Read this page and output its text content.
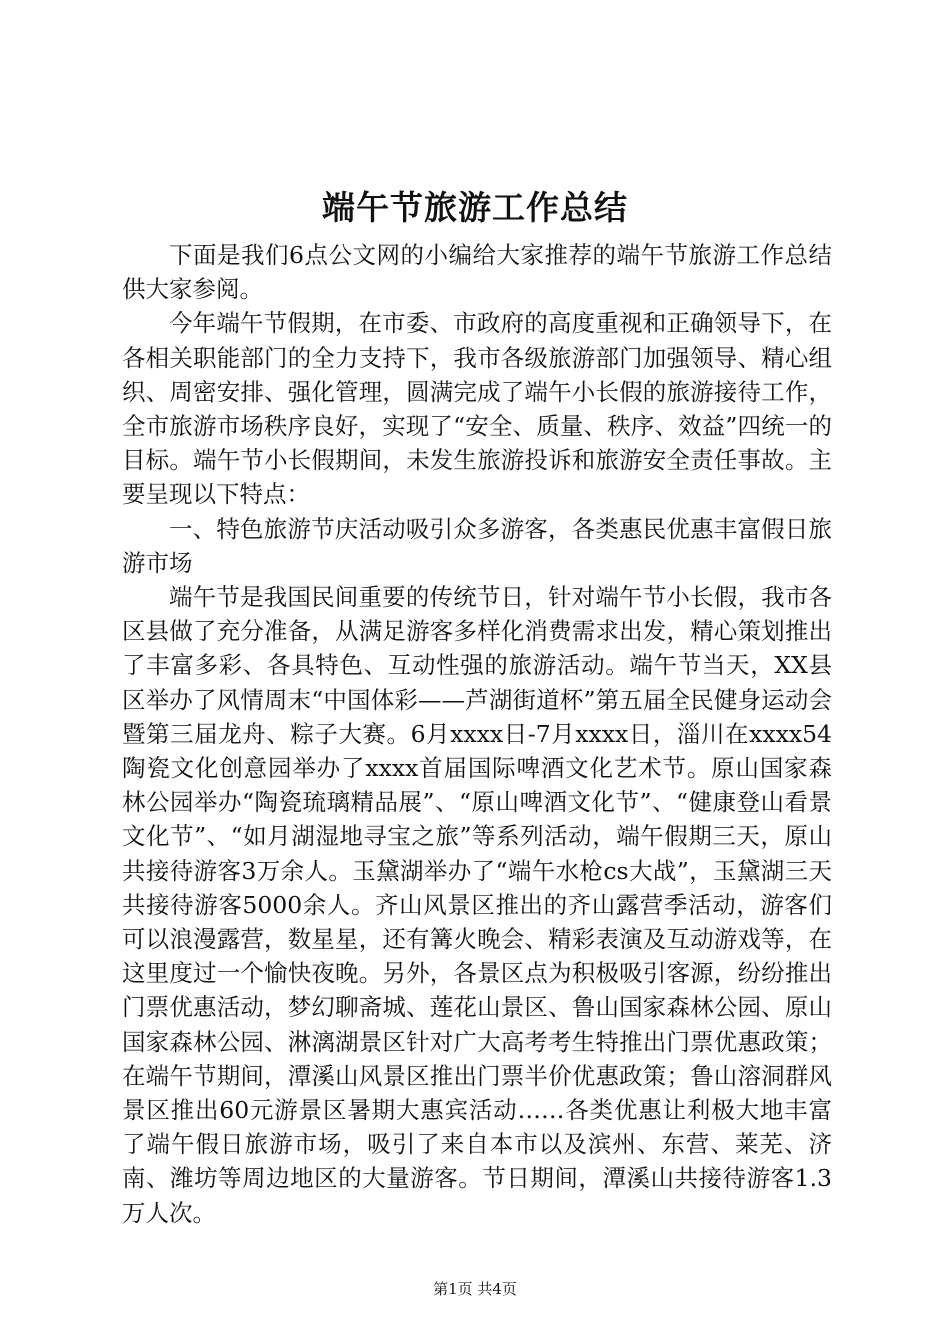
端午节旅游工作总结

下面是我们6点公文网的小编给大家推荐的端午节旅游工作总结供大家参阅。

今年端午节假期，在市委、市政府的高度重视和正确领导下，在各相关职能部门的全力支持下，我市各级旅游部门加强领导、精心组织、周密安排、强化管理，圆满完成了端午小长假的旅游接待工作，全市旅游市场秩序良好，实现了“安全、质量、秩序、效益”四统一的目标。端午节小长假期间，未发生旅游投诉和旅游安全责任事故。主要呈现以下特点：

一、特色旅游节庆活动吸引众多游客，各类惠民优惠丰富假日旅游市场

端午节是我国民间重要的传统节日，针对端午节小长假，我市各区县做了充分准备，从满足游客多样化消费需求出发，精心策划推出了丰富多彩、各具特色、互动性强的旅游活动。端午节当天，XX县区举办了风情周末“中国体彩——芦湖街道杯”第五届全民健身运动会暨第三届龙舟、粽子大赛。6月xxxx日-7月xxxx日，淄川在xxxx54陶瓷文化创意园举办了xxxx首届国际啤酒文化艺术节。原山国家森林公园举办“陶瓷琉璃精品展”、“原山啤酒文化节”、“健康登山看景文化节”、“如月湖湿地寻宝之旅”等系列活动，端午假期三天，原山共接待游客3万余人。玉黛湖举办了“端午水枪cs大战”，玉黛湖三天共接待游客5000余人。齐山风景区推出的齐山露营季活动，游客们可以浪漫露营，数星星，还有篝火晚会、精彩表演及互动游戏等，在这里度过一个愉快夜晚。另外，各景区点为积极吸引客源，纷纷推出门票优惠活动，梦幻聊斋城、莲花山景区、鲁山国家森林公园、原山国家森林公园、淋漓湖景区针对广大高考考生特推出门票优惠政策；在端午节期间，潭溪山风景区推出门票半价优惠政策；鲁山溶洞群风景区推出60元游景区暑期大惠宾活动……各类优惠让利极大地丰富了端午假日旅游市场，吸引了来自本市以及滨州、东营、莱芜、济南、潍坊等周边地区的大量游客。节日期间，潭溪山共接待游客1.3万人次。

第1页 共4页
